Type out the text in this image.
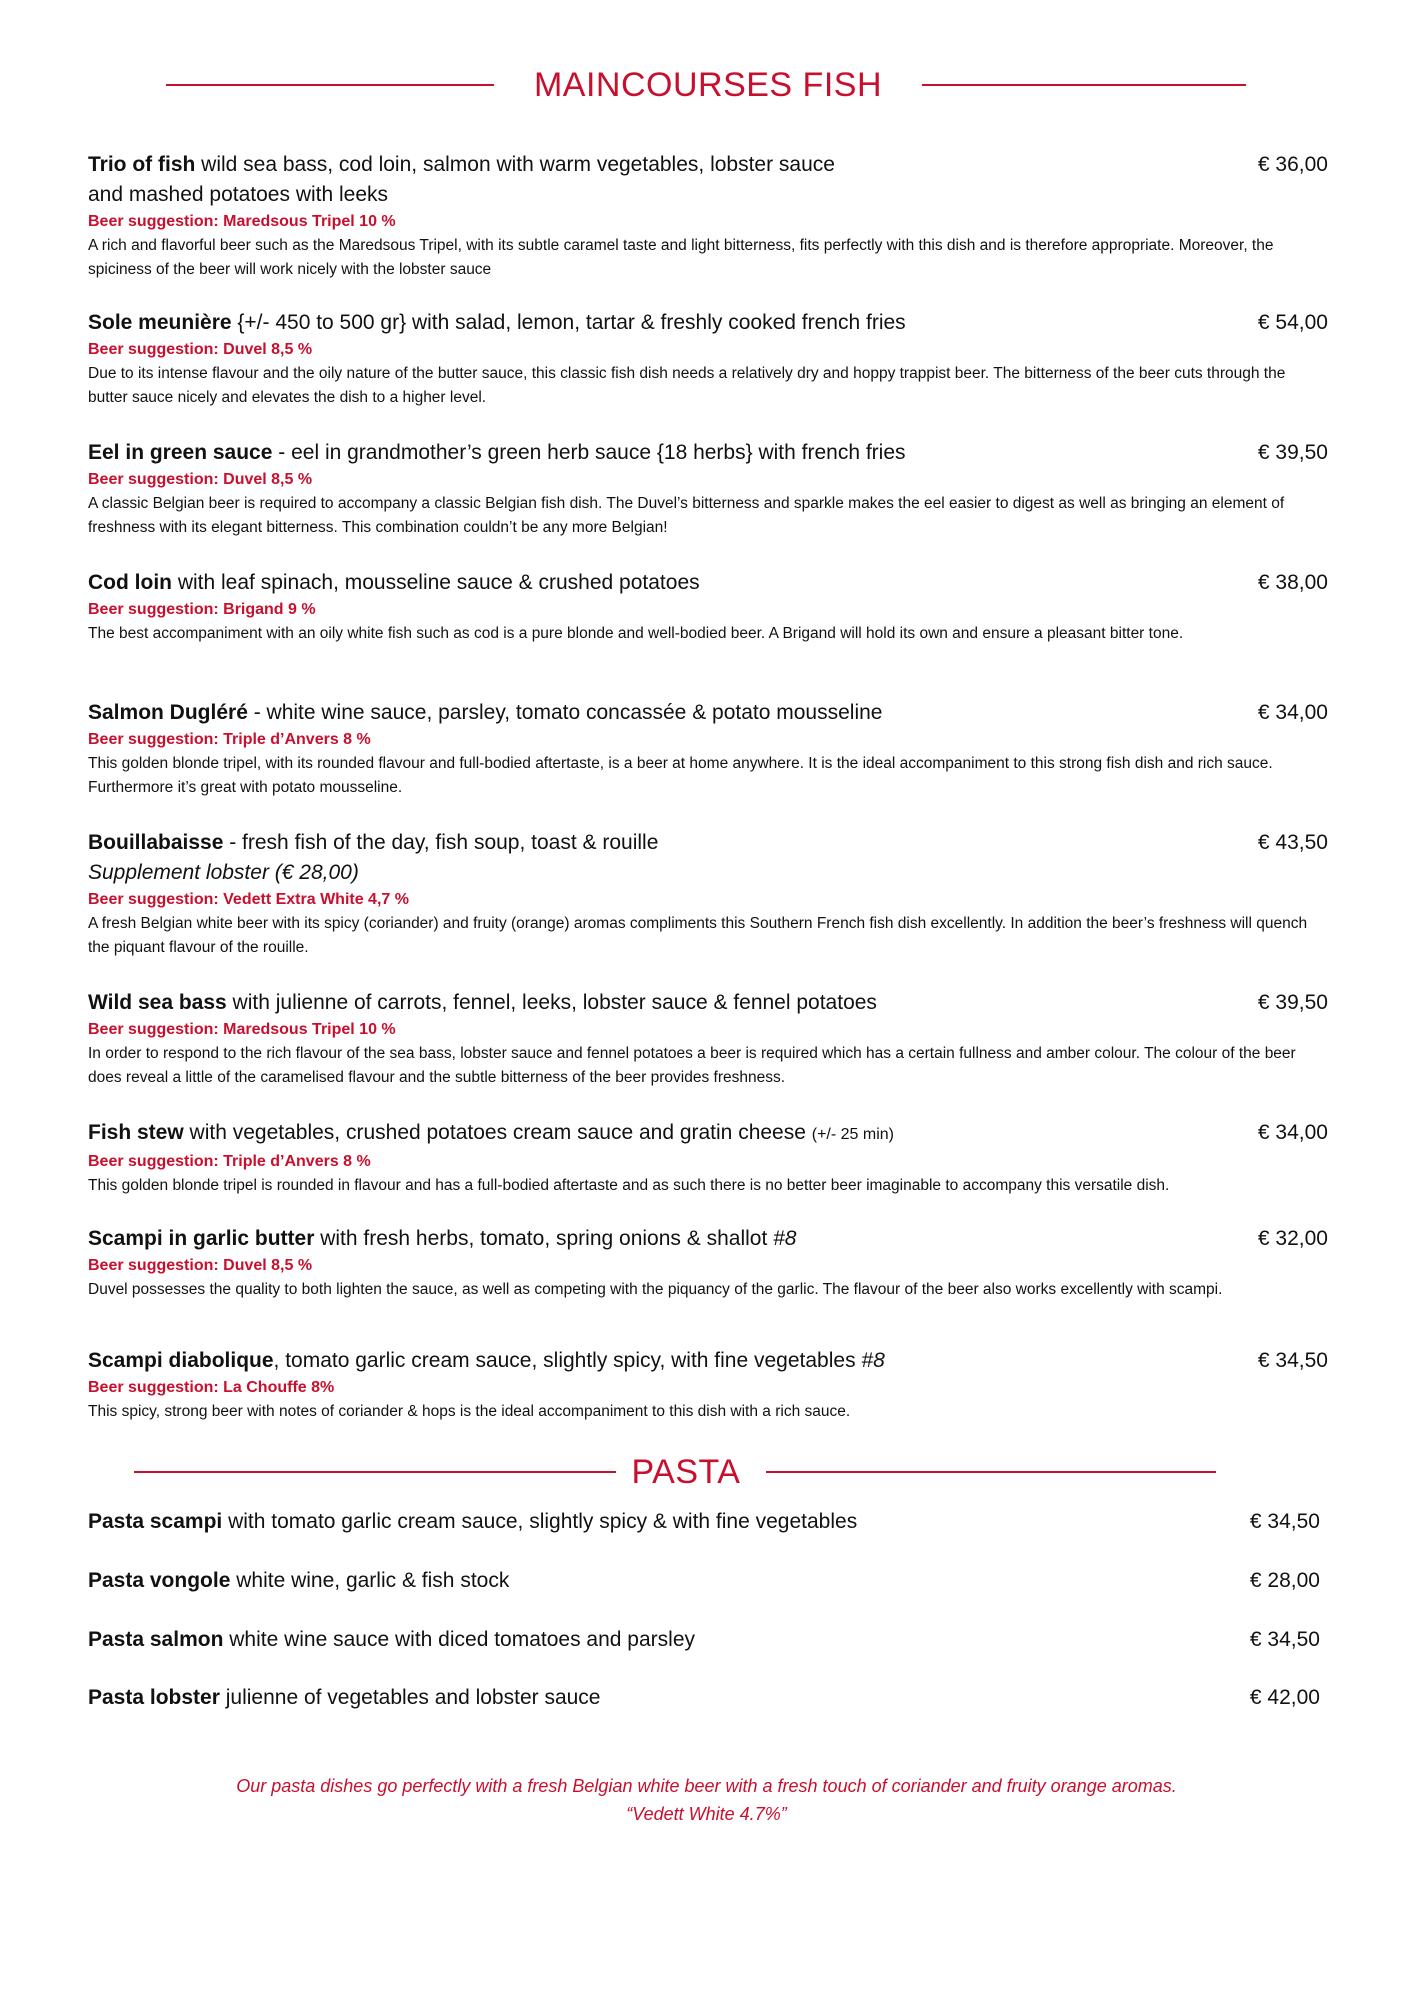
MAINCOURSES FISH
Trio of fish wild sea bass, cod loin, salmon with warm vegetables, lobster sauce
and mashed potatoes with leeks
€ 36,00
Beer suggestion: Maredsous Tripel 10 %
A rich and flavorful beer such as the Maredsous Tripel, with its subtle caramel taste and light bitterness, fits perfectly with this dish and is therefore appropriate. Moreover, the spiciness of the beer will work nicely with the lobster sauce
Sole meunière {+/- 450 to 500 gr} with salad, lemon, tartar & freshly cooked french fries	€ 54,00
Beer suggestion: Duvel 8,5 %
Due to its intense flavour and the oily nature of the butter sauce, this classic fish dish needs a relatively dry and hoppy trappist beer. The bitterness of the beer cuts through the butter sauce nicely and elevates the dish to a higher level.
Eel in green sauce - eel in grandmother’s green herb sauce {18 herbs} with french fries	€ 39,50
Beer suggestion: Duvel 8,5 %
A classic Belgian beer is required to accompany a classic Belgian fish dish. The Duvel’s bitterness and sparkle makes the eel easier to digest as well as bringing an element of freshness with its elegant bitterness. This combination couldn’t be any more Belgian!
Cod loin with leaf spinach, mousseline sauce & crushed potatoes	€ 38,00
Beer suggestion: Brigand 9 %
The best accompaniment with an oily white fish such as cod is a pure blonde and well-bodied beer. A Brigand will hold its own and ensure a pleasant bitter tone.
Salmon Dugléré - white wine sauce, parsley, tomato concassée & potato mousseline	€ 34,00
Beer suggestion: Triple d’Anvers 8 %
This golden blonde tripel, with its rounded flavour and full-bodied aftertaste, is a beer at home anywhere. It is the ideal accompaniment to this strong fish dish and rich sauce. Furthermore it’s great with potato mousseline.
Bouillabaisse - fresh fish of the day, fish soup, toast & rouille
Supplement lobster (€ 28,00)
€ 43,50
Beer suggestion: Vedett Extra White 4,7 %
A fresh Belgian white beer with its spicy (coriander) and fruity (orange) aromas compliments this Southern French fish dish excellently. In addition the beer’s freshness will quench the piquant flavour of the rouille.
Wild sea bass with julienne of carrots, fennel, leeks, lobster sauce & fennel potatoes	€ 39,50
Beer suggestion: Maredsous Tripel 10 %
In order to respond to the rich flavour of the sea bass, lobster sauce and fennel potatoes a beer is required which has a certain fullness and amber colour. The colour of the beer does reveal a little of the caramelised flavour and the subtle bitterness of the beer provides freshness.
Fish stew with vegetables, crushed potatoes cream sauce and gratin cheese (+/- 25 min)	€ 34,00
Beer suggestion: Triple d’Anvers 8 %
This golden blonde tripel is rounded in flavour and has a full-bodied aftertaste and as such there is no better beer imaginable to accompany this versatile dish.
Scampi in garlic butter with fresh herbs, tomato, spring onions & shallot #8	€ 32,00
Beer suggestion: Duvel 8,5 %
Duvel possesses the quality to both lighten the sauce, as well as competing with the piquancy of the garlic. The flavour of the beer also works excellently with scampi.
Scampi diabolique, tomato garlic cream sauce, slightly spicy, with fine vegetables #8	€ 34,50
Beer suggestion: La Chouffe 8%
This spicy, strong beer with notes of coriander & hops is the ideal accompaniment to this dish with a rich sauce.
PASTA
Pasta scampi with tomato garlic cream sauce, slightly spicy & with fine vegetables	€ 34,50
Pasta vongole white wine, garlic & fish stock	€ 28,00
Pasta salmon white wine sauce with diced tomatoes and parsley	€ 34,50
Pasta lobster julienne of vegetables and lobster sauce	€ 42,00
Our pasta dishes go perfectly with a fresh Belgian white beer with a fresh touch of coriander and fruity orange aromas.
“Vedett White 4.7%”
